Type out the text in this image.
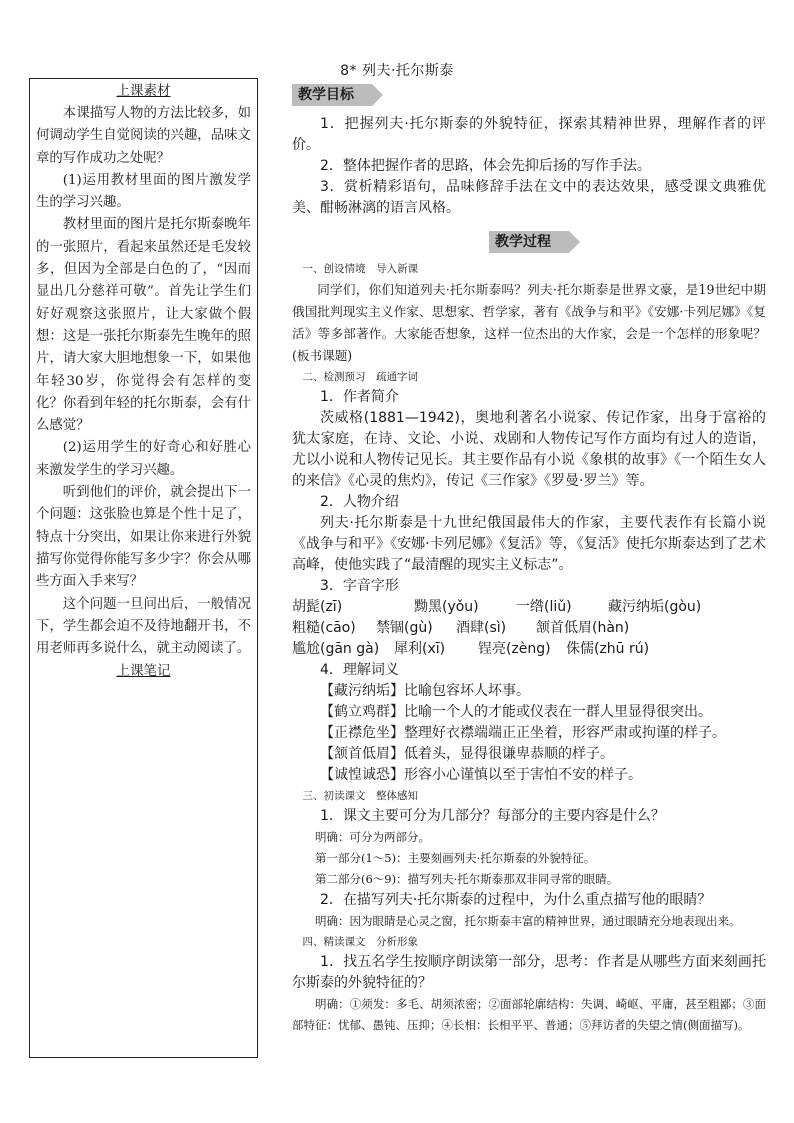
8* 列夫·托尔斯泰
上课素材

本课描写人物的方法比较多，如何调动学生自觉阅读的兴趣，品味文章的写作成功之处呢？

(1)运用教材里面的图片激发学生的学习兴趣。

教材里面的图片是托尔斯泰晚年的一张照片，看起来虽然还是毛发较多，但因为全部是白色的了，“因而显出几分慈祥可敬”。首先让学生们好好观察这张照片，让大家做个假想：这是一张托尔斯泰先生晚年的照片，请大家大胆地想象一下，如果他年轻30岁，你觉得会有怎样的变化？你看到年轻的托尔斯泰，会有什么感觉？

(2)运用学生的好奇心和好胜心来激发学生的学习兴趣。

听到他们的评价，就会提出下一个问题：这张脸也算是个性十足了，特点十分突出，如果让你来进行外貌描写你觉得你能写多少字？你会从哪些方面入手来写？

这个问题一旦问出后，一般情况下，学生都会迫不及待地翻开书，不用老师再多说什么，就主动阅读了。

上课笔记
教学目标

1．把握列夫·托尔斯泰的外貌特征，探索其精神世界，理解作者的评价。

2．整体把握作者的思路，体会先抑后扬的写作手法。

3．赏析精彩语句，品味修辞手法在文中的表达效果，感受课文典雅优美、酣畅淋漓的语言风格。

教学过程

一、创设情境　导入新课

同学们，你们知道列夫·托尔斯泰吗？列夫·托尔斯泰是世界文豪，是19世纪中期俄国批判现实主义作家、思想家、哲学家，著有《战争与和平》《安娜·卡列尼娜》《复活》等多部著作。大家能否想象，这样一位杰出的大作家，会是一个怎样的形象呢？(板书课题)

二、检测预习　疏通字词

1．作者简介

茨威格(1881—1942)，奥地利著名小说家、传记作家，出身于富裕的犹太家庭，在诗、文论、小说、戏剧和人物传记写作方面均有过人的造诣，尤以小说和人物传记见长。其主要作品有小说《象棋的故事》《一个陌生女人的来信》《心灵的焦灼》，传记《三作家》《罗曼·罗兰》等。

2．人物介绍

列夫·托尔斯泰是十九世纪俄国最伟大的作家，主要代表作有长篇小说《战争与和平》《安娜·卡列尼娜》《复活》等，《复活》使托尔斯泰达到了艺术高峰，使他实践了“最清醒的现实主义标志”。

3．字音字形

胡髭(zī)	黝黑(yǒu)	一绺(liǔ)	藏污纳垢(gòu)
粗糙(cāo)	禁锢(gù)	酒肆(sì)	颔首低眉(hàn)
尴尬(gān gà)	犀利(xī)	锃亮(zèng)	侏儒(zhū rú)

4．理解词义

【藏污纳垢】比喻包容坏人坏事。

【鹤立鸡群】比喻一个人的才能或仪表在一群人里显得很突出。

【正襟危坐】整理好衣襟端端正正坐着，形容严肃或拘谨的样子。

【颔首低眉】低着头，显得很谦卑恭顺的样子。

【诚惶诚恐】形容小心谨慎以至于害怕不安的样子。

三、初读课文　整体感知

1．课文主要可分为几部分？每部分的主要内容是什么？

明确：可分为两部分。

第一部分(1～5)：主要刻画列夫·托尔斯泰的外貌特征。

第二部分(6～9)：描写列夫·托尔斯泰那双非同寻常的眼睛。

2．在描写列夫·托尔斯泰的过程中，为什么重点描写他的眼睛？

明确：因为眼睛是心灵之窗，托尔斯泰丰富的精神世界，通过眼睛充分地表现出来。

四、精读课文　分析形象

1．找五名学生按顺序朗读第一部分，思考：作者是从哪些方面来刻画托尔斯泰的外貌特征的？

明确：①须发：多毛、胡须浓密；②面部轮廓结构：失调、崎岖、平庸，甚至粗鄙；③面部特征：忧郁、愚钝、压抑；④长相：长相平平、普通；⑤拜访者的失望之情(侧面描写)。
